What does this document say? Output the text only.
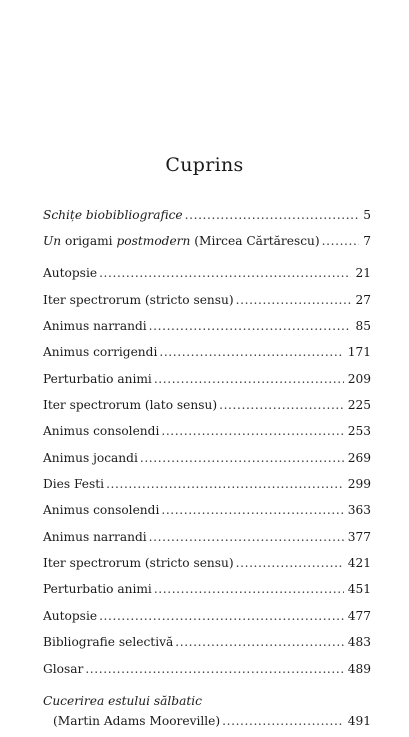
Cuprins
Schițe biobibliografice .....	5
Un origami postmodern (Mircea Cărtărescu) .....	7
Autopsie .....	21
Iter spectrorum (stricto sensu) .....	27
Animus narrandi .....	85
Animus corrigendi .....	171
Perturbatio animi .....	209
Iter spectrorum (lato sensu) .....	225
Animus consolendi .....	253
Animus jocandi .....	269
Dies Festi .....	299
Animus consolendi .....	363
Animus narrandi .....	377
Iter spectrorum (stricto sensu) .....	421
Perturbatio animi .....	451
Autopsie .....	477
Bibliografie selectivă .....	483
Glosar .....	489
Cucerirea estului sălbatic
(Martin Adams Mooreville) .....	491
